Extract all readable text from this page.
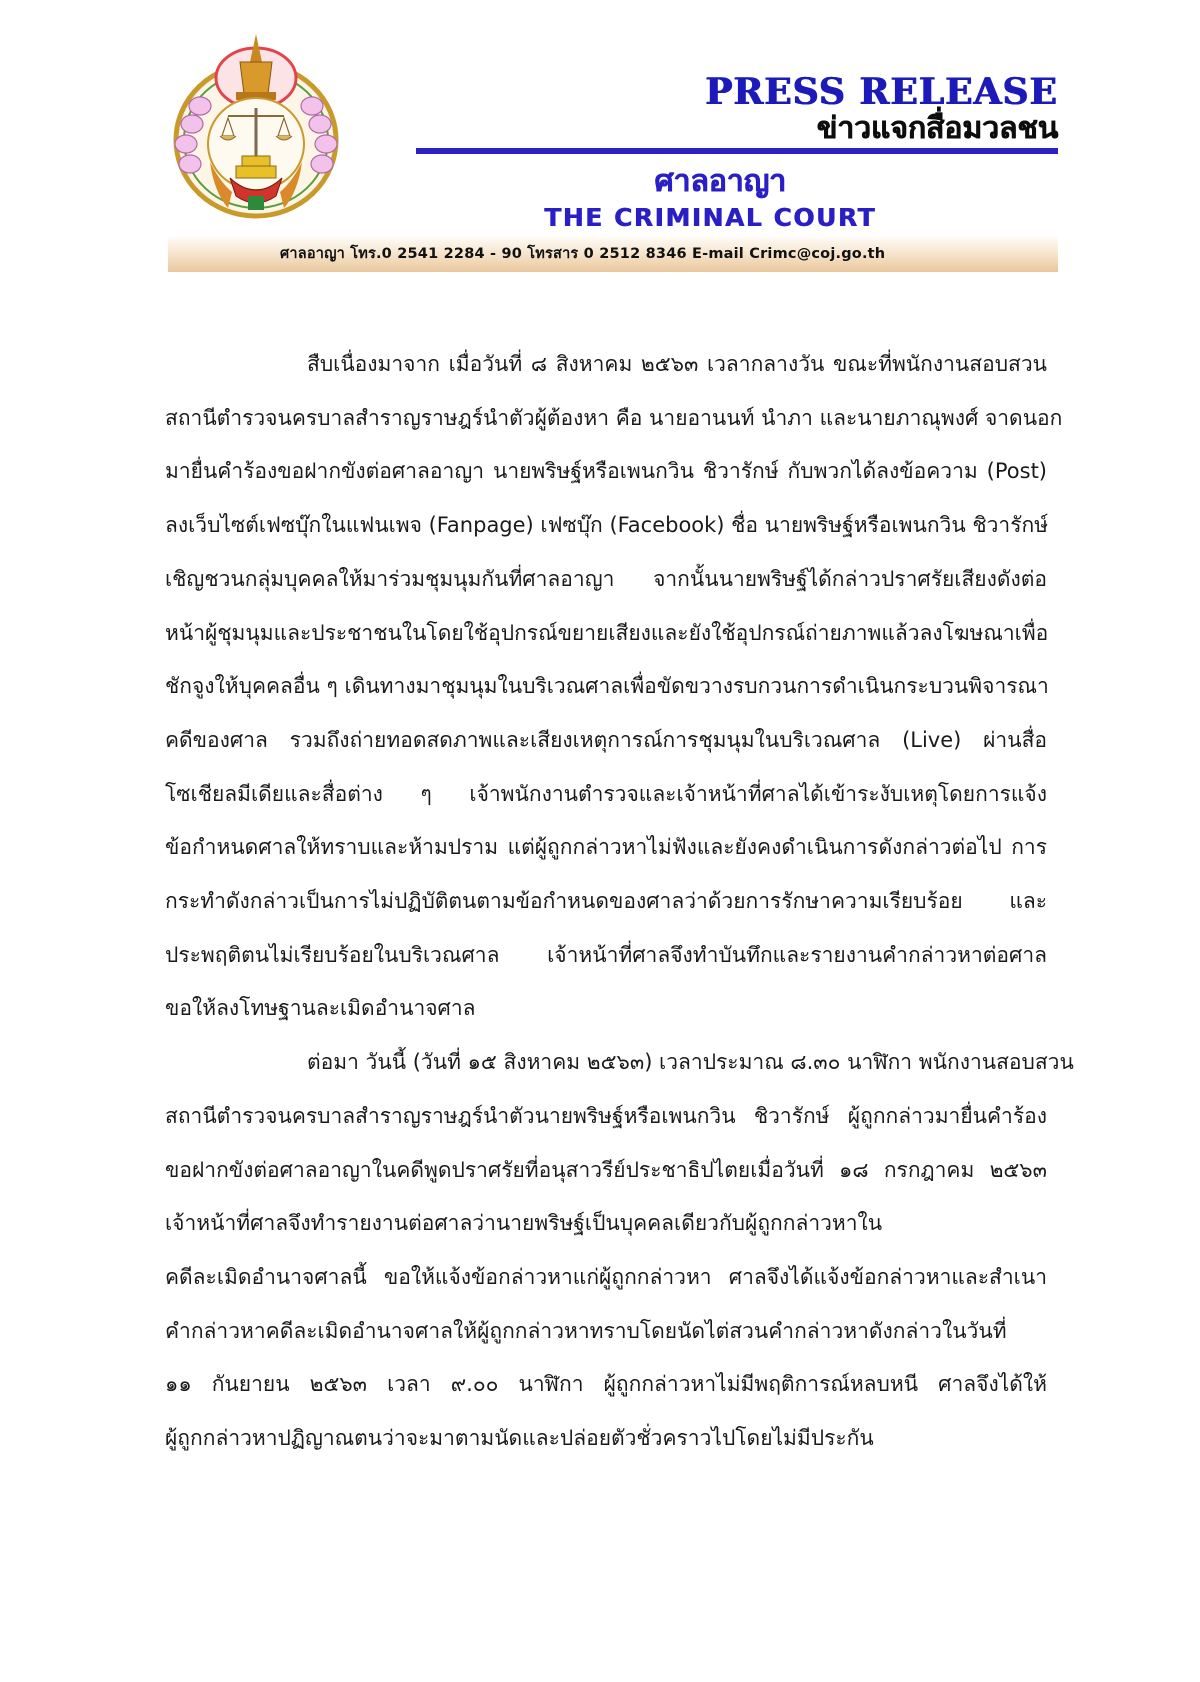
PRESS RELEASE
ข่าวแจกสื่อมวลชน
ศาลอาญา
THE CRIMINAL COURT
ศาลอาญา โทร.0 2541 2284 - 90 โทรสาร 0 2512 8346 E-mail Crimc@coj.go.th

สืบเนื่องมาจาก เมื่อวันที่ ๘ สิงหาคม ๒๕๖๓ เวลากลางวัน ขณะที่พนักงานสอบสวน
สถานีตำรวจนครบาลสำราญราษฎร์นำตัวผู้ต้องหา คือ นายอานนท์ นำภา และนายภาณุพงศ์ จาดนอก
มายื่นคำร้องขอฝากขังต่อศาลอาญา นายพริษฐ์หรือเพนกวิน ชิวารักษ์ กับพวกได้ลงข้อความ (Post)
ลงเว็บไซต์เฟซบุ๊กในแฟนเพจ (Fanpage) เฟซบุ๊ก (Facebook) ชื่อ นายพริษฐ์หรือเพนกวิน ชิวารักษ์
เชิญชวนกลุ่มบุคคลให้มาร่วมชุมนุมกันที่ศาลอาญา จากนั้นนายพริษฐ์ได้กล่าวปราศรัยเสียงดังต่อ
หน้าผู้ชุมนุมและประชาชนในโดยใช้อุปกรณ์ขยายเสียงและยังใช้อุปกรณ์ถ่ายภาพแล้วลงโฆษณาเพื่อ
ชักจูงให้บุคคลอื่น ๆ เดินทางมาชุมนุมในบริเวณศาลเพื่อขัดขวางรบกวนการดำเนินกระบวนพิจารณา
คดีของศาล รวมถึงถ่ายทอดสดภาพและเสียงเหตุการณ์การชุมนุมในบริเวณศาล (Live) ผ่านสื่อ
โซเชียลมีเดียและสื่อต่าง ๆ เจ้าพนักงานตำรวจและเจ้าหน้าที่ศาลได้เข้าระงับเหตุโดยการแจ้ง
ข้อกำหนดศาลให้ทราบและห้ามปราม แต่ผู้ถูกกล่าวหาไม่ฟังและยังคงดำเนินการดังกล่าวต่อไป การ
กระทำดังกล่าวเป็นการไม่ปฏิบัติตนตามข้อกำหนดของศาลว่าด้วยการรักษาความเรียบร้อย และ
ประพฤติตนไม่เรียบร้อยในบริเวณศาล เจ้าหน้าที่ศาลจึงทำบันทึกและรายงานคำกล่าวหาต่อศาล
ขอให้ลงโทษฐานละเมิดอำนาจศาล

ต่อมา วันนี้ (วันที่ ๑๕ สิงหาคม ๒๕๖๓) เวลาประมาณ ๘.๓๐ นาฬิกา พนักงานสอบสวน
สถานีตำรวจนครบาลสำราญราษฎร์นำตัวนายพริษฐ์หรือเพนกวิน ชิวารักษ์ ผู้ถูกกล่าวมายื่นคำร้อง
ขอฝากขังต่อศาลอาญาในคดีพูดปราศรัยที่อนุสาวรีย์ประชาธิปไตยเมื่อวันที่ ๑๘ กรกฎาคม ๒๕๖๓
เจ้าหน้าที่ศาลจึงทำรายงานต่อศาลว่านายพริษฐ์เป็นบุคคลเดียวกับผู้ถูกกล่าวหาใน
คดีละเมิดอำนาจศาลนี้ ขอให้แจ้งข้อกล่าวหาแก่ผู้ถูกกล่าวหา ศาลจึงได้แจ้งข้อกล่าวหาและสำเนา
คำกล่าวหาคดีละเมิดอำนาจศาลให้ผู้ถูกกล่าวหาทราบโดยนัดไต่สวนคำกล่าวหาดังกล่าวในวันที่
๑๑ กันยายน ๒๕๖๓ เวลา ๙.๐๐ นาฬิกา ผู้ถูกกล่าวหาไม่มีพฤติการณ์หลบหนี ศาลจึงได้ให้
ผู้ถูกกล่าวหาปฏิญาณตนว่าจะมาตามนัดและปล่อยตัวชั่วคราวไปโดยไม่มีประกัน
